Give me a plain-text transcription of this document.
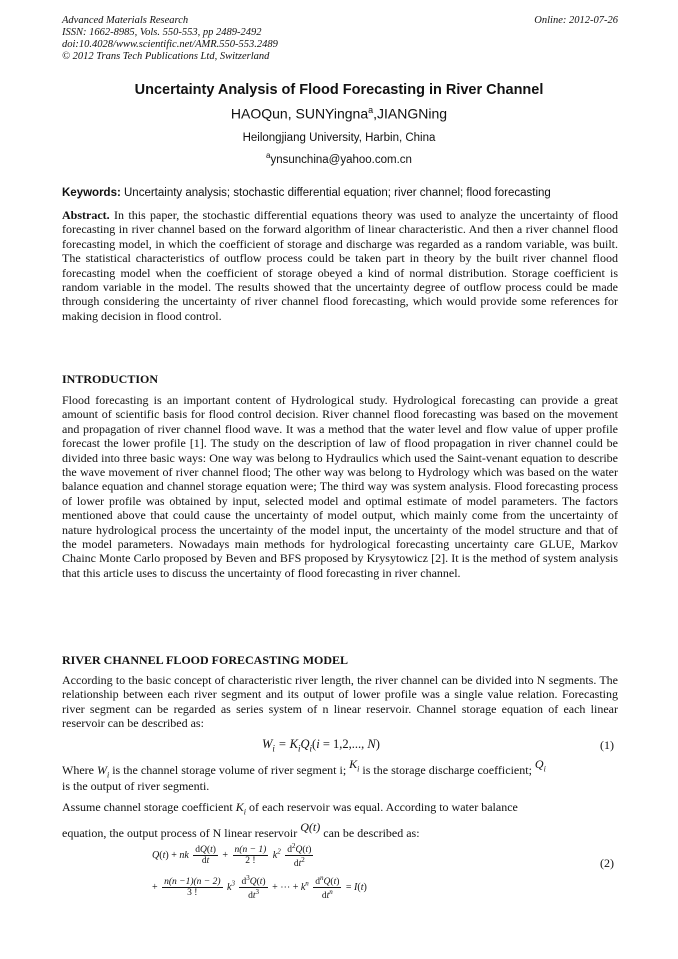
Advanced Materials Research
ISSN: 1662-8985, Vols. 550-553, pp 2489-2492
doi:10.4028/www.scientific.net/AMR.550-553.2489
© 2012 Trans Tech Publications Ltd, Switzerland
Online: 2012-07-26
Uncertainty Analysis of Flood Forecasting in River Channel
HAOQun, SUNYingna$^a$,JIANGNing
Heilongjiang University, Harbin, China
$^a$ynsunchina@yahoo.com.cn
Keywords: Uncertainty analysis; stochastic differential equation; river channel; flood forecasting

Abstract. In this paper, the stochastic differential equations theory was used to analyze the uncertainty of flood forecasting in river channel based on the forward algorithm of linear characteristic. And then a river channel flood forecasting model, in which the coefficient of storage and discharge was regarded as a random variable, was built. The statistical characteristics of outflow process could be taken part in theory by the built river channel flood forecasting model when the coefficient of storage obeyed a kind of normal distribution. Storage coefficient is random variable in the model. The results showed that the uncertainty degree of outflow process could be made through considering the uncertainty of river channel flood forecasting, which would provide some references for making decision in flood control.

INTRODUCTION

Flood forecasting is an important content of Hydrological study. Hydrological forecasting can provide a great amount of scientific basis for flood control decision. River channel flood forecasting was based on the movement and propagation of river channel flood wave. It was a method that the water level and flow value of upper profile forecast the lower profile [1]. The study on the description of law of flood propagation in river channel could be divided into three basic ways: One way was belong to Hydraulics which used the Saint-venant equation to describe the wave movement of river channel flood; The other way was belong to Hydrology which was based on the water balance equation and channel storage equation were; The third way was system analysis. Flood forecasting process of lower profile was obtained by input, selected model and optimal estimate of model parameters. The factors mentioned above that could cause the uncertainty of model output, which mainly come from the uncertainty of nature hydrological process the uncertainty of the model input, the uncertainty of the model structure and that of the model parameters. Nowadays main methods for hydrological forecasting uncertainty care GLUE, Markov Chainc Monte Carlo proposed by Beven and BFS proposed by Krysytowicz [2]. It is the method of system analysis that this article uses to discuss the uncertainty of flood forecasting in river channel.

RIVER CHANNEL FLOOD FORECASTING MODEL

According to the basic concept of characteristic river length, the river channel can be divided into N segments. The relationship between each river segment and its output of lower profile was a single value relation. Forecasting river segment can be regarded as series system of n linear reservoir. Channel storage equation of each linear reservoir can be described as:

$W_i = K_iQ_i(i = 1,2$,..., N)	(1)
Where $W_i$ is the channel storage volume of river segment i; $K_i$ is the storage discharge coefficient; $Q_i$
is the output of river segmenti.
Assume channel storage coefficient $K_i$ of each reservoir was equal. According to water balance
equation, the output process of N linear reservoir Q(t) can be described as:
Q(t) + nk $\frac{dQ(t)}{dt} + \frac{n(n - 1)}{2 !} k^2 \frac{d^2Q(t)}{dt^2}$	(2)
+ $\frac{n(n -1)(n - 2)}{3 !} k^3 \frac{d^3Q(t)}{dt^3}$ + ⋯ + $k^n \frac{d^nQ(t)}{dt^n} = I(t)$
